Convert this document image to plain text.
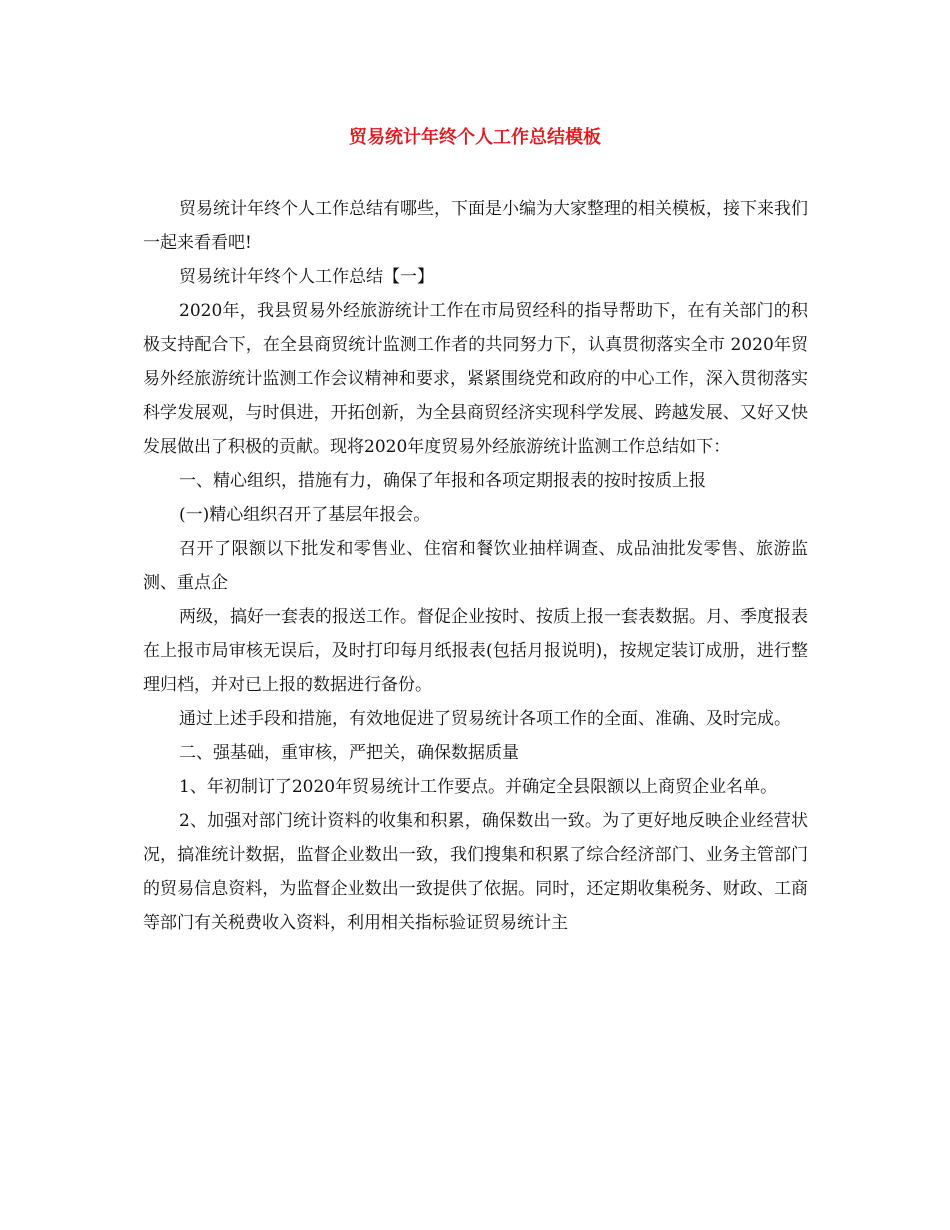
贸易统计年终个人工作总结模板

贸易统计年终个人工作总结有哪些，下面是小编为大家整理的相关模板，接下来我们一起来看看吧!

贸易统计年终个人工作总结【一】

2020年，我县贸易外经旅游统计工作在市局贸经科的指导帮助下，在有关部门的积极支持配合下，在全县商贸统计监测工作者的共同努力下，认真贯彻落实全市 2020年贸易外经旅游统计监测工作会议精神和要求，紧紧围绕党和政府的中心工作，深入贯彻落实科学发展观，与时俱进，开拓创新，为全县商贸经济实现科学发展、跨越发展、又好又快发展做出了积极的贡献。现将2020年度贸易外经旅游统计监测工作总结如下：

一、精心组织，措施有力，确保了年报和各项定期报表的按时按质上报

(一)精心组织召开了基层年报会。

召开了限额以下批发和零售业、住宿和餐饮业抽样调查、成品油批发零售、旅游监测、重点企

两级，搞好一套表的报送工作。督促企业按时、按质上报一套表数据。月、季度报表在上报市局审核无误后，及时打印每月纸报表(包括月报说明)，按规定装订成册，进行整理归档，并对已上报的数据进行备份。

通过上述手段和措施，有效地促进了贸易统计各项工作的全面、准确、及时完成。

二、强基础，重审核，严把关，确保数据质量

1、年初制订了2020年贸易统计工作要点。并确定全县限额以上商贸企业名单。

2、加强对部门统计资料的收集和积累，确保数出一致。为了更好地反映企业经营状况，搞准统计数据，监督企业数出一致，我们搜集和积累了综合经济部门、业务主管部门的贸易信息资料，为监督企业数出一致提供了依据。同时，还定期收集税务、财政、工商等部门有关税费收入资料，利用相关指标验证贸易统计主
